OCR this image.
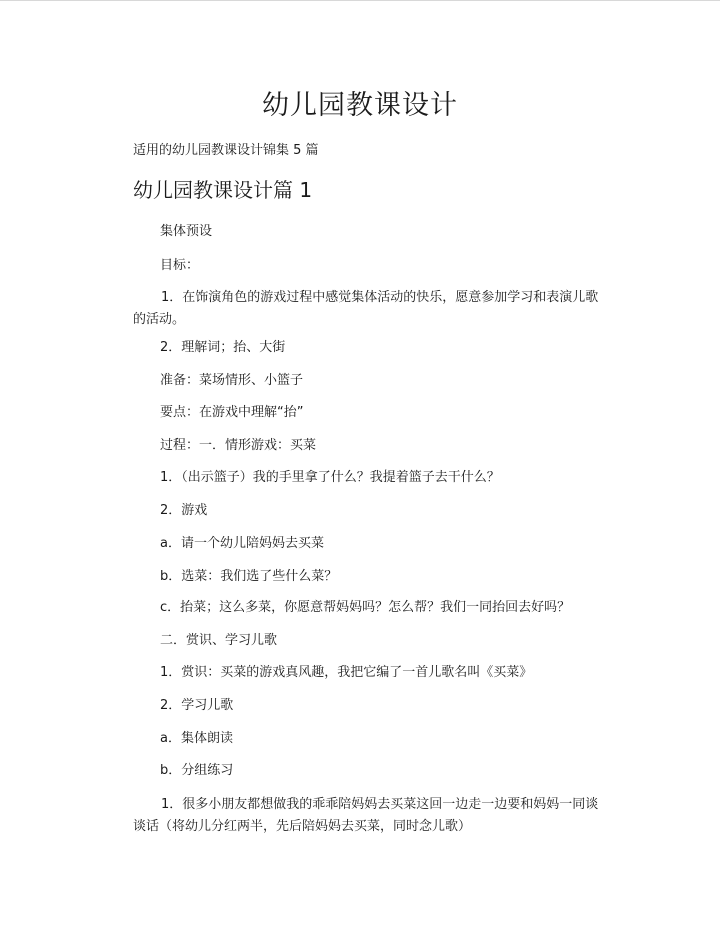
幼儿园教课设计
适用的幼儿园教课设计锦集 5 篇
幼儿园教课设计篇 1
集体预设
目标：
1．在饰演角色的游戏过程中感觉集体活动的快乐，愿意参加学习和表演儿歌的活动。
2．理解词；抬、大街
准备：菜场情形、小篮子
要点：在游戏中理解“抬”
过程：一．情形游戏：买菜
1．（出示篮子）我的手里拿了什么？我提着篮子去干什么？
2．游戏
a．请一个幼儿陪妈妈去买菜
b．选菜：我们选了些什么菜？
c．抬菜；这么多菜，你愿意帮妈妈吗？怎么帮？我们一同抬回去好吗？
二．赏识、学习儿歌
1．赏识：买菜的游戏真风趣，我把它编了一首儿歌名叫《买菜》
2．学习儿歌
a．集体朗读
b．分组练习
1．很多小朋友都想做我的乖乖陪妈妈去买菜这回一边走一边要和妈妈一同谈谈话（将幼儿分红两半，先后陪妈妈去买菜，同时念儿歌）
